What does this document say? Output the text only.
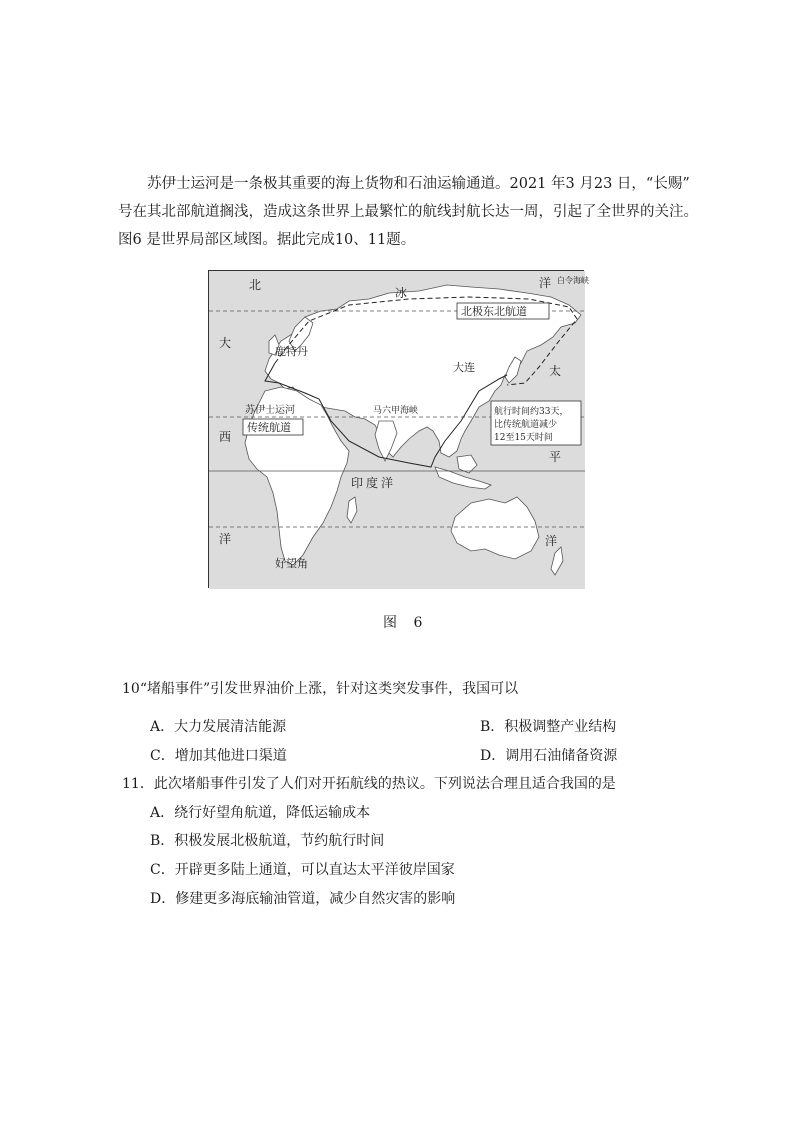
苏伊士运河是一条极其重要的海上货物和石油运输通道。2021 年3 月23 日，“长赐”
号在其北部航道搁浅，造成这条世界上最繁忙的航线封航长达一周，引起了全世界的关注。
图6 是世界局部区域图。据此完成10、11题。
北
冰
洋 白令海峡
北极东北航道
鹿特丹
大
西
洋
太
平
洋
大连
苏伊士运河
传统航道
马六甲海峡	航行时间约33天，
比传统航道减少
12至15天时间
印度洋
好望角
图 6
10“堵船事件”引发世界油价上涨，针对这类突发事件，我国可以
A．大力发展清洁能源	B．积极调整产业结构
C．增加其他进口渠道	D．调用石油储备资源
11．此次堵船事件引发了人们对开拓航线的热议。下列说法合理且适合我国的是
A．绕行好望角航道，降低运输成本
B．积极发展北极航道，节约航行时间
C．开辟更多陆上通道，可以直达太平洋彼岸国家
D．修建更多海底输油管道，减少自然灾害的影响
